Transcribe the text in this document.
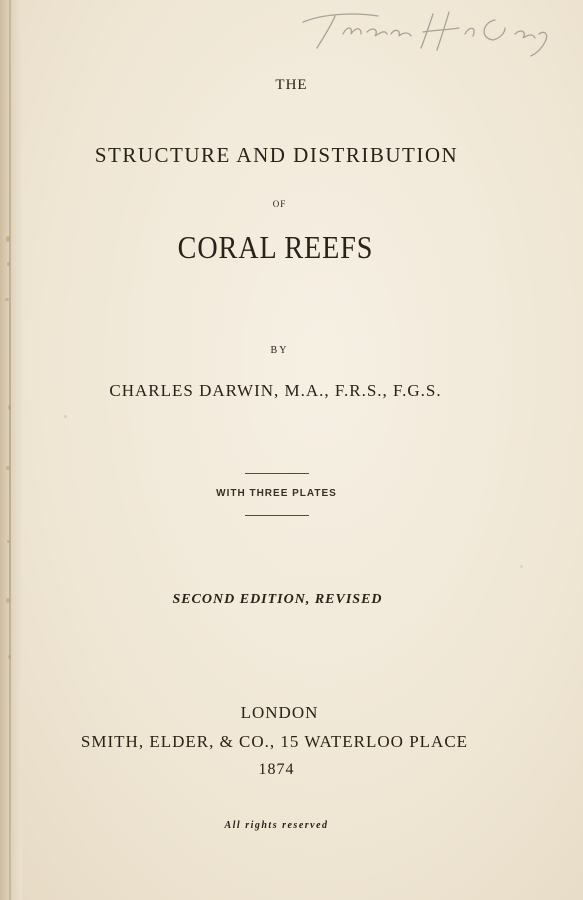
THE

STRUCTURE AND DISTRIBUTION

OF

CORAL REEFS

BY

CHARLES DARWIN, M.A., F.R.S., F.G.S.

WITH THREE PLATES

SECOND EDITION, REVISED

LONDON

SMITH, ELDER, & CO., 15 WATERLOO PLACE

1874

All rights reserved
